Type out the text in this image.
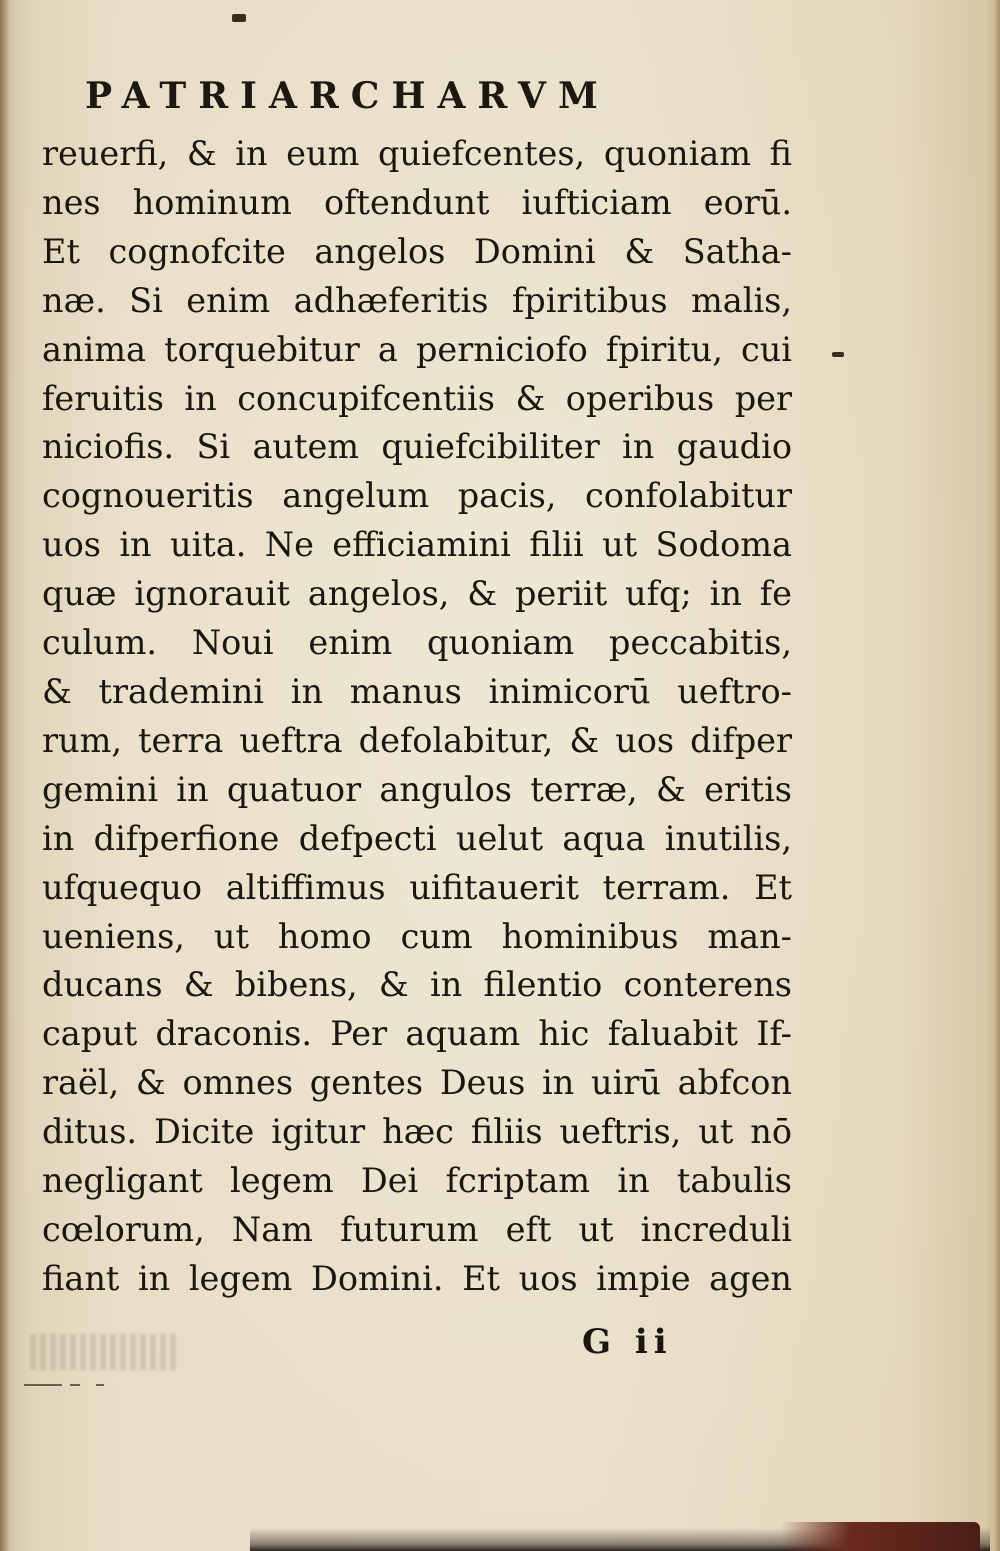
PATRIARCHARVM
reuerfi, & in eum quiefcentes, quoniam fi
nes hominum oftendunt iufticiam eorū.
Et cognofcite angelos Domini & Satha-
næ. Si enim adhæferitis fpiritibus malis,
anima torquebitur a perniciofo fpiritu, cui
feruitis in concupifcentiis & operibus per
niciofis. Si autem quiefcibiliter in gaudio
cognoueritis angelum pacis, confolabitur
uos in uita. Ne efficiamini filii ut Sodoma
quæ ignorauit angelos, & periit ufq; in fe
culum. Noui enim quoniam peccabitis,
& trademini in manus inimicorū ueftro-
rum, terra ueftra defolabitur, & uos difper
gemini in quatuor angulos terræ, & eritis
in difperfione defpecti uelut aqua inutilis,
ufquequo altiffimus uifitauerit terram. Et
ueniens, ut homo cum hominibus man-
ducans & bibens, & in filentio conterens
caput draconis. Per aquam hic faluabit If-
raël, & omnes gentes Deus in uirū abfcon
ditus. Dicite igitur hæc filiis ueftris, ut nō
negligant legem Dei fcriptam in tabulis
cœlorum, Nam futurum eft ut increduli
fiant in legem Domini. Et uos impie agen
G ii
